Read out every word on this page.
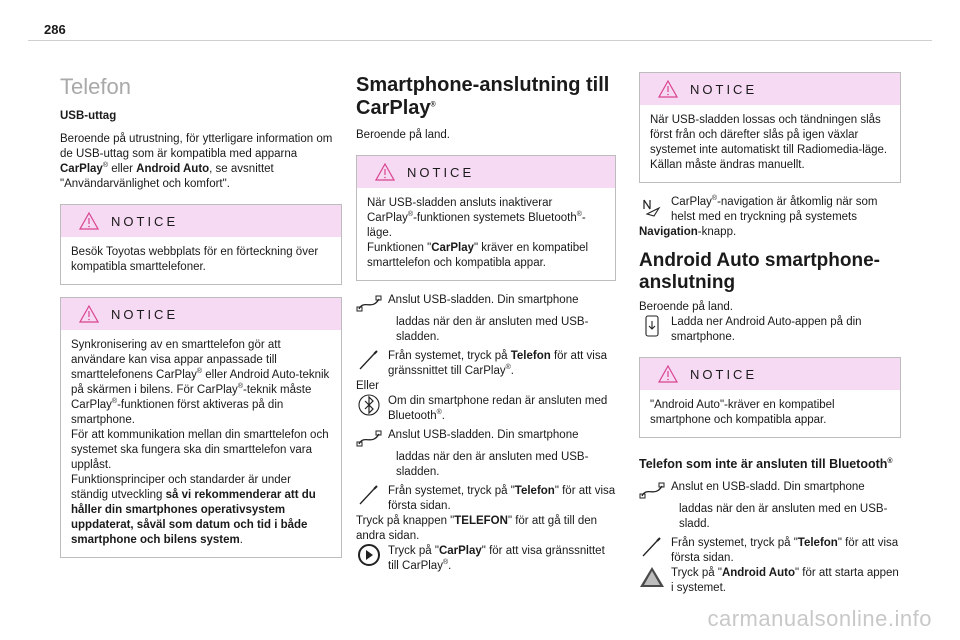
286
Telefon
USB-uttag

Beroende på utrustning, för ytterligare information om de USB-uttag som är kompatibla med apparna CarPlay® eller Android Auto, se avsnittet "Användarvänlighet och komfort".

NOTICE

Besök Toyotas webbplats för en förteckning över kompatibla smarttelefoner.

NOTICE

Synkronisering av en smarttelefon gör att användare kan visa appar anpassade till smarttelefonens CarPlay® eller Android Auto-teknik på skärmen i bilens. För CarPlay®-teknik måste CarPlay®-funktionen först aktiveras på din smartphone.

För att kommunikation mellan din smarttelefon och systemet ska fungera ska din smarttelefon vara upplåst.

Funktionsprinciper och standarder är under ständig utveckling så vi rekommenderar att du håller din smartphones operativsystem uppdaterat, såväl som datum och tid i både smartphone och bilens system.

Smartphone-anslutning till CarPlay®

Beroende på land.

NOTICE

När USB-sladden ansluts inaktiverar CarPlay®-funktionen systemets Bluetooth®-läge.

Funktionen "CarPlay" kräver en kompatibel smarttelefon och kompatibla appar.

Anslut USB-sladden. Din smartphone

laddas när den är ansluten med USB-sladden.

Från systemet, tryck på Telefon för att visa gränssnittet till CarPlay®.

Eller

Om din smartphone redan är ansluten med Bluetooth®.

Anslut USB-sladden. Din smartphone

laddas när den är ansluten med USB-sladden.

Från systemet, tryck på "Telefon" för att visa första sidan.

Tryck på knappen "TELEFON" för att gå till den andra sidan.

Tryck på "CarPlay" för att visa gränssnittet till CarPlay®.

NOTICE

När USB-sladden lossas och tändningen slås först från och därefter slås på igen växlar systemet inte automatiskt till Radiomedia-läge. Källan måste ändras manuellt.

CarPlay®-navigation är åtkomlig när som helst med en tryckning på systemets

Navigation-knapp.

Android Auto smartphone-anslutning

Beroende på land.

Ladda ner Android Auto-appen på din smartphone.

NOTICE

"Android Auto"-kräver en kompatibel smartphone och kompatibla appar.

Telefon som inte är ansluten till Bluetooth®

Anslut en USB-sladd. Din smartphone

laddas när den är ansluten med en USB-sladd.

Från systemet, tryck på "Telefon" för att visa första sidan.

Tryck på "Android Auto" för att starta appen i systemet.

carmanualsonline.info
